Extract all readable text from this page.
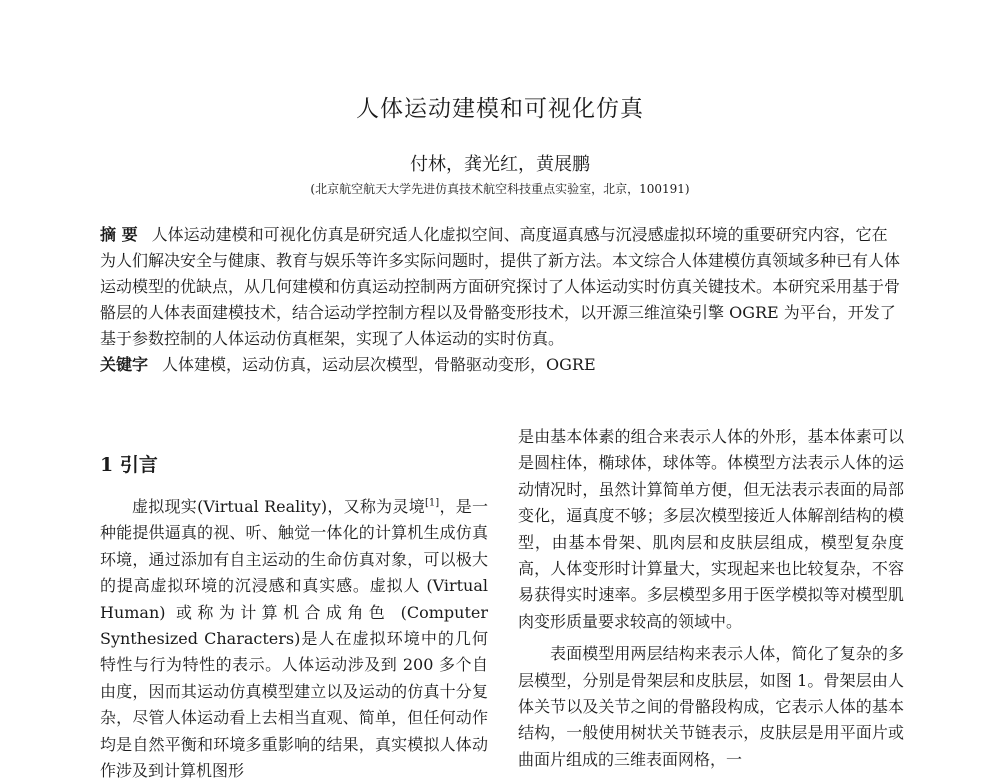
人体运动建模和可视化仿真
付林，龚光红，黄展鹏
(北京航空航天大学先进仿真技术航空科技重点实验室，北京，100191)

摘 要 人体运动建模和可视化仿真是研究适人化虚拟空间、高度逼真感与沉浸感虚拟环境的重要研究内容，它在为人们解决安全与健康、教育与娱乐等许多实际问题时，提供了新方法。本文综合人体建模仿真领域多种已有人体运动模型的优缺点，从几何建模和仿真运动控制两方面研究探讨了人体运动实时仿真关键技术。本研究采用基于骨骼层的人体表面建模技术，结合运动学控制方程以及骨骼变形技术，以开源三维渲染引擎 OGRE 为平台，开发了基于参数控制的人体运动仿真框架，实现了人体运动的实时仿真。

关键字 人体建模，运动仿真，运动层次模型，骨骼驱动变形，OGRE

1 引言

虚拟现实(Virtual Reality)，又称为灵境[1]，是一种能提供逼真的视、听、触觉一体化的计算机生成仿真环境，通过添加有自主运动的生命仿真对象，可以极大的提高虚拟环境的沉浸感和真实感。虚拟人 (Virtual Human) 或称为计算机合成角色 (Computer Synthesized Characters)是人在虚拟环境中的几何特性与行为特性的表示。人体运动涉及到 200 多个自由度，因而其运动仿真模型建立以及运动的仿真十分复杂，尽管人体运动看上去相当直观、简单，但任何动作均是自然平衡和环境多重影响的结果，真实模拟人体动作涉及到计算机图形

是由基本体素的组合来表示人体的外形，基本体素可以是圆柱体，椭球体，球体等。体模型方法表示人体的运动情况时，虽然计算简单方便，但无法表示表面的局部变化，逼真度不够；多层次模型接近人体解剖结构的模型，由基本骨架、肌肉层和皮肤层组成，模型复杂度高，人体变形时计算量大，实现起来也比较复杂，不容易获得实时速率。多层模型多用于医学模拟等对模型肌肉变形质量要求较高的领域中。

表面模型用两层结构来表示人体，简化了复杂的多层模型，分别是骨架层和皮肤层，如图 1。骨架层由人体关节以及关节之间的骨骼段构成，它表示人体的基本结构，一般使用树状关节链表示，皮肤层是用平面片或曲面片组成的三维表面网格，一
